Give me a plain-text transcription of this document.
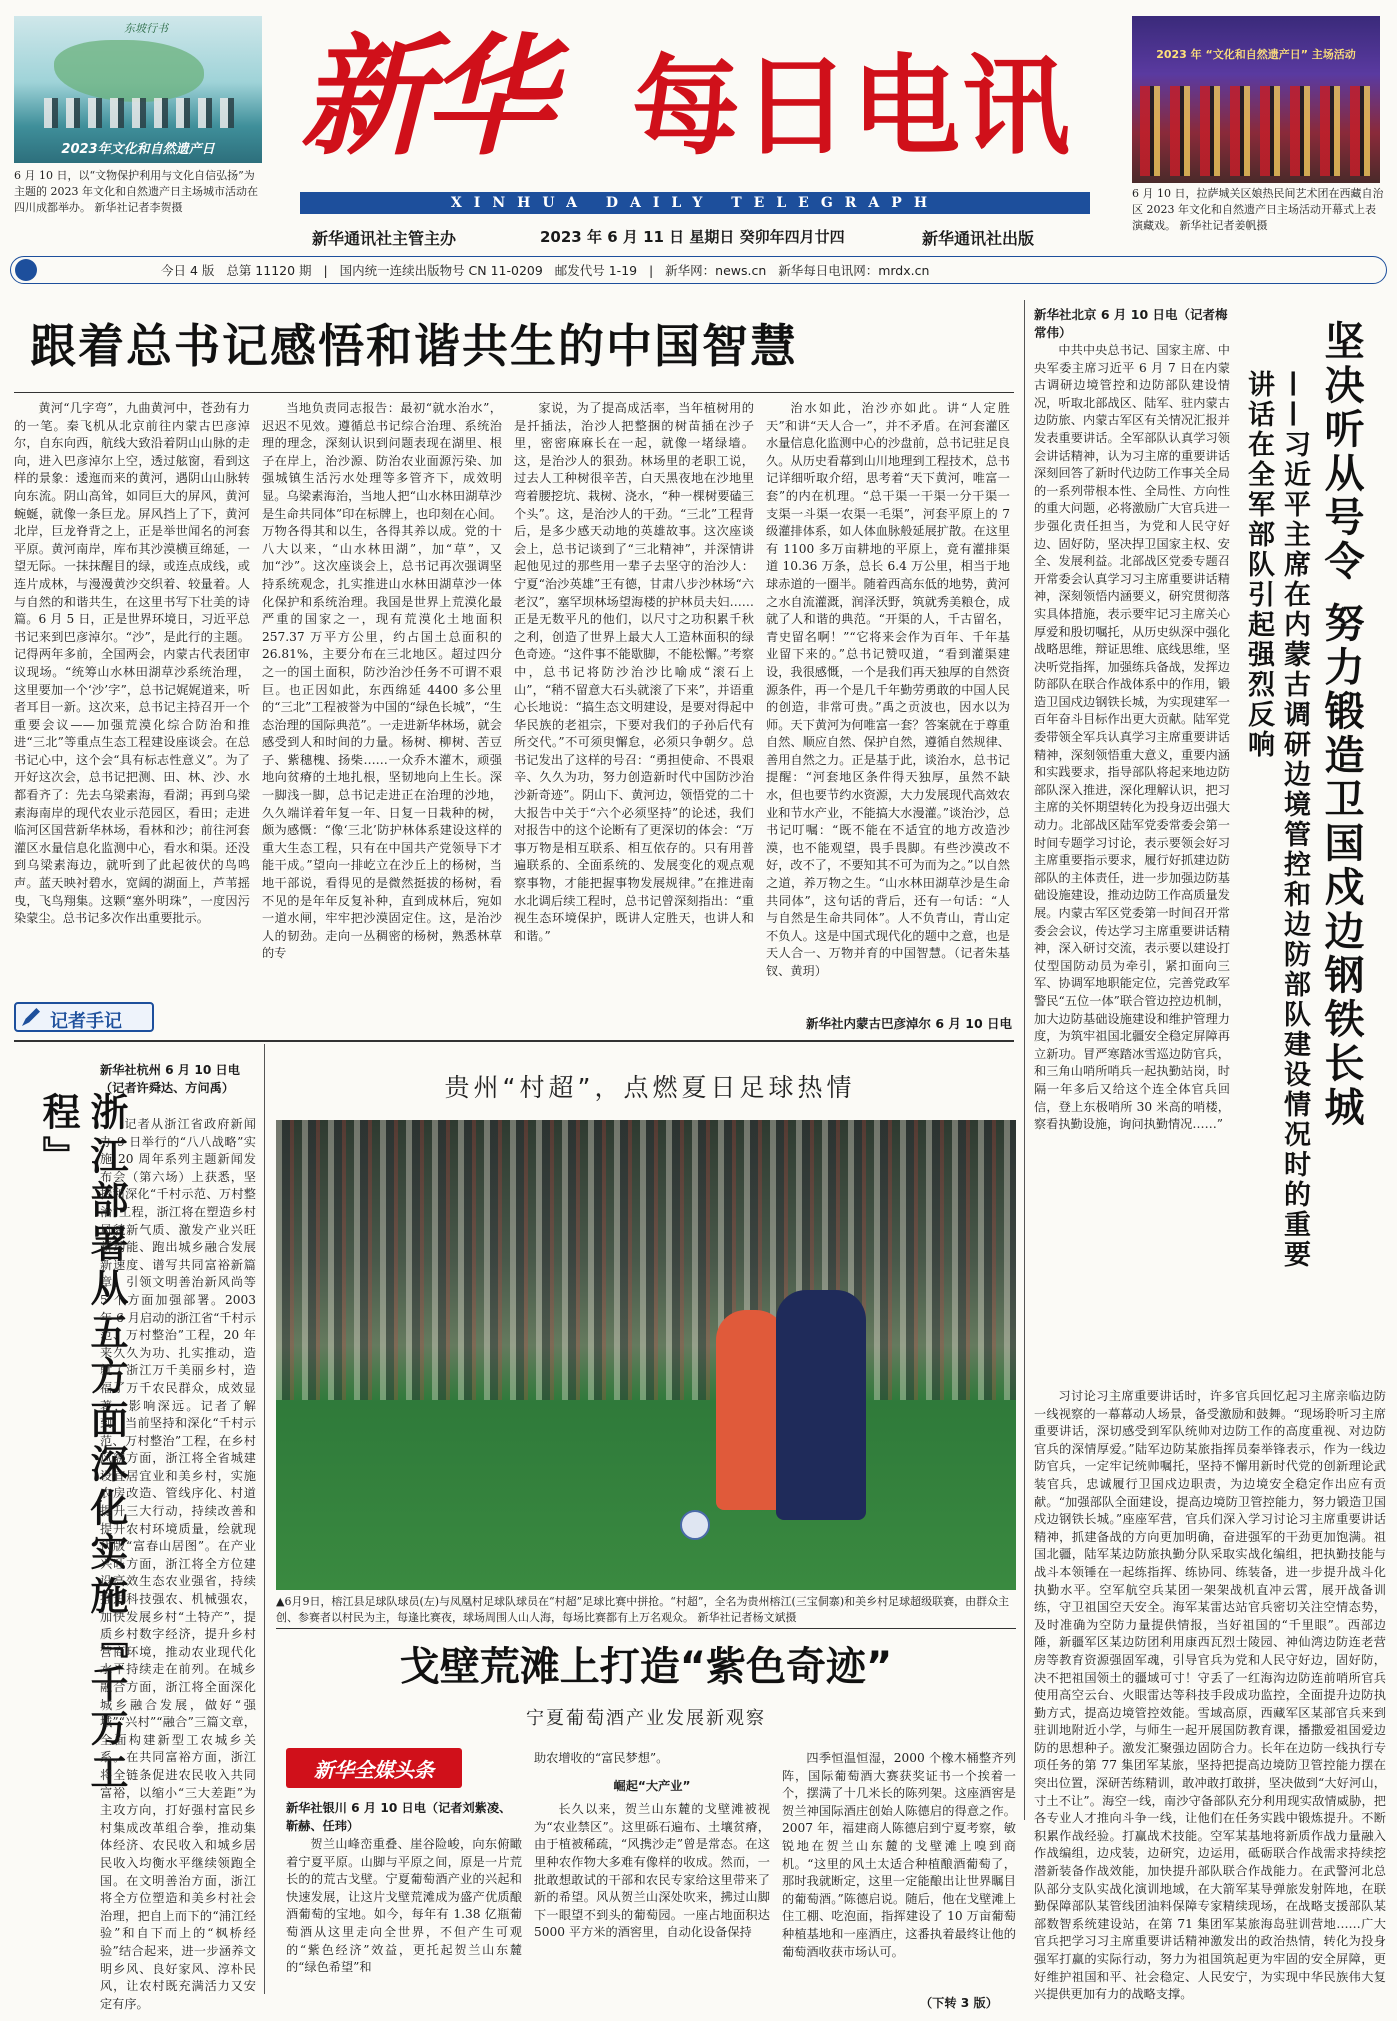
东坡行书
2023年文化和自然遗产日
6 月 10 日，以“文物保护利用与文化自信弘扬”为主题的 2023 年文化和自然遗产日主场城市活动在四川成都举办。 新华社记者李贺摄
新华 每日电讯
XINHUA DAILY TELEGRAPH
新华通讯社主管主办	2023 年 6 月 11 日 星期日 癸卯年四月廿四	新华通讯社出版
2023 年 “文化和自然遗产日” 主场活动
6 月 10 日，拉萨城关区娘热民间艺术团在西藏自治区 2023 年文化和自然遗产日主场活动开幕式上表演藏戏。 新华社记者姜帆摄
今日 4 版   总第 11120 期   |   国内统一连续出版物号 CN 11-0209   邮发代号 1-19   |   新华网：news.cn   新华每日电讯网：mrdx.cn
跟着总书记感悟和谐共生的中国智慧

黄河“几字弯”，九曲黄河中，苍劲有力的一笔。秦飞机从北京前往内蒙古巴彦淖尔，自东向西，航线大致沿着阴山山脉的走向，进入巴彦淖尔上空，透过舷窗，看到这样的景象：逶迤而来的黄河，遇阴山山脉转向东流。阴山高耸，如同巨大的屏风，黄河蜿蜒，就像一条巨龙。屏风挡上了下，黄河北岸，巨龙脊背之上，正是举世闻名的河套平原。黄河南岸，库布其沙漠横亘绵延，一望无际。一抹抹醒目的绿，或连点成线，或连片成林，与漫漫黄沙交织着、较量着。人与自然的和谐共生，在这里书写下壮美的诗篇。6 月 5 日，正是世界环境日，习近平总书记来到巴彦淖尔。“沙”，是此行的主题。记得两年多前，全国两会，内蒙古代表团审议现场。“统筹山水林田湖草沙系统治理，这里要加一个‘沙’字”，总书记娓娓道来，听者耳目一新。这次来，总书记主持召开一个重要会议——加强荒漠化综合防治和推进“三北”等重点生态工程建设座谈会。在总书记心中，这个会“具有标志性意义”。为了开好这次会，总书记把测、田、林、沙、水都看齐了：先去乌梁素海，看湖；再到乌梁素海南岸的现代农业示范园区，看田；走进临河区国营新华林场，看林和沙；前往河套灌区水量信息化监测中心，看水和渠。还没到乌梁素海边，就听到了此起彼伏的鸟鸣声。蓝天映衬碧水，宽阔的湖面上，芦苇摇曳，飞鸟翔集。这颗“塞外明珠”，一度因污染蒙尘。总书记多次作出重要批示。

当地负责同志报告：最初“就水治水”，迟迟不见效。遵循总书记综合治理、系统治理的理念，深刻认识到问题表现在湖里、根子在岸上，治沙源、防治农业面源污染、加强城镇生活污水处理等多管齐下，成效明显。乌梁素海治，当地人把“山水林田湖草沙是生命共同体”印在标牌上，也印刻在心间。万物各得其和以生，各得其养以成。党的十八大以来，“山水林田湖”，加“草”，又加“沙”。这次座谈会上，总书记再次强调坚持系统观念，扎实推进山水林田湖草沙一体化保护和系统治理。我国是世界上荒漠化最严重的国家之一，现有荒漠化土地面积 257.37 万平方公里，约占国土总面积的 26.81%，主要分布在三北地区。超过四分之一的国土面积，防沙治沙任务不可谓不艰巨。也正因如此，东西绵延 4400 多公里的“三北”工程被誉为中国的“绿色长城”，“生态治理的国际典范”。一走进新华林场，就会感受到人和时间的力量。杨树、柳树、苦豆子、紫穗槐、扬柴……一众乔木灌木，顽强地向贫瘠的土地扎根，坚韧地向上生长。深一脚浅一脚，总书记走进正在治理的沙地，久久端详着年复一年、日复一日栽种的树，颇为感慨：“像‘三北’防护林体系建设这样的重大生态工程，只有在中国共产党领导下才能干成。”望向一排屹立在沙丘上的杨树，当地干部说，看得见的是微然挺拔的杨树，看不见的是年年反复补种，直到成林后，宛如一道水闸，牢牢把沙漠固定住。这，是治沙人的韧劲。走向一丛稠密的杨树，熟悉林草的专

家说，为了提高成活率，当年植树用的是扦插法，治沙人把整捆的树苗插在沙子里，密密麻麻长在一起，就像一堵绿墙。这，是治沙人的狠劲。林场里的老职工说，过去人工种树很辛苦，白天黑夜地在沙地里弯着腰挖坑、栽树、浇水，“种一棵树要磕三个头”。这，是治沙人的干劲。“三北”工程背后，是多少感天动地的英雄故事。这次座谈会上，总书记谈到了“三北精神”，并深情讲起他见过的那些用一辈子去坚守的治沙人：宁夏“治沙英雄”王有德，甘肃八步沙林场“六老汉”，塞罕坝林场望海楼的护林员夫妇……正是无数平凡的他们，以尺寸之功积累千秋之利，创造了世界上最大人工造林面积的绿色奇迹。“这件事不能歇脚，不能松懈。”考察中，总书记将防沙治沙比喻成“滚石上山”，“稍不留意大石头就滚了下来”，并语重心长地说：“搞生态文明建设，是要对得起中华民族的老祖宗，下要对我们的子孙后代有所交代。”不可须臾懈怠，必须只争朝夕。总书记发出了这样的号召：“勇担使命、不畏艰辛、久久为功，努力创造新时代中国防沙治沙新奇迹”。阴山下、黄河边，领悟党的二十大报告中关于“六个必须坚持”的论述，我们对报告中的这个论断有了更深切的体会：“万事万物是相互联系、相互依存的。只有用普遍联系的、全面系统的、发展变化的观点观察事物，才能把握事物发展规律。”在推进南水北调后续工程时，总书记曾深刻指出：“重视生态环境保护，既讲人定胜天，也讲人和和谐。”

治水如此，治沙亦如此。讲“人定胜天”和讲“天人合一”，并不矛盾。在河套灌区水量信息化监测中心的沙盘前，总书记驻足良久。从历史看幕到山川地理到工程技术，总书记详细听取介绍，思考着“天下黄河，唯富一套”的内在机理。“总干渠一干渠一分干渠一支渠一斗渠一农渠一毛渠”，河套平原上的 7 级灌排体系，如人体血脉般延展扩散。在这里有 1100 多万亩耕地的平原上，竟有灌排渠道 10.36 万条，总长 6.4 万公里，相当于地球赤道的一圈半。随着西高东低的地势，黄河之水自流灌溉，润泽沃野，筑就秀美粮仓，成就了人和谐的典范。“开渠的人，千古留名，青史留名啊！”“它将来会作为百年、千年基业留下来的。”总书记赞叹道，“看到灌渠建设，我很感慨，一个是我们再天独厚的自然资源条件，再一个是几千年勤劳勇敢的中国人民的创造，非常可贵。”禹之贡波也，因水以为师。天下黄河为何唯富一套？答案就在于尊重自然、顺应自然、保护自然，遵循自然规律、善用自然之力。正是基于此，谈治水，总书记提醒：“河套地区条件得天独厚，虽然不缺水，但也要节约水资源，大力发展现代高效农业和节水产业，不能搞大水漫灌。”谈治沙，总书记叮嘱：“既不能在不适宜的地方改造沙漠，也不能观望，畏手畏脚。有些沙漠改不好，改不了，不要知其不可为而为之。”以自然之道，养万物之生。“山水林田湖草沙是生命共同体”，这句话的背后，还有一句话：“人与自然是生命共同体”。人不负青山，青山定不负人。这是中国式现代化的题中之意，也是天人合一、万物并育的中国智慧。（记者朱基钗、黄玥）

新华社内蒙古巴彦淖尔 6 月 10 日电
记者手记
新华社北京 6 月 10 日电（记者梅常伟）

中共中央总书记、国家主席、中央军委主席习近平 6 月 7 日在内蒙古调研边境管控和边防部队建设情况，听取北部战区、陆军、驻内蒙古边防旅、内蒙古军区有关情况汇报并发表重要讲话。全军部队认真学习领会讲话精神，认为习主席的重要讲话深刻回答了新时代边防工作事关全局的一系列带根本性、全局性、方向性的重大问题，必将激励广大官兵进一步强化责任担当，为党和人民守好边、固好防，坚决捍卫国家主权、安全、发展利益。北部战区党委专题召开常委会认真学习习主席重要讲话精神，深刻领悟内涵要义，研究贯彻落实具体措施，表示要牢记习主席关心厚爱和殷切嘱托，从历史纵深中强化战略思维，辩证思维、底线思维，坚决听党指挥，加强练兵备战，发挥边防部队在联合作战体系中的作用，锻造卫国戍边钢铁长城，为实现建军一百年奋斗目标作出更大贡献。陆军党委带领全军兵认真学习主席重要讲话精神，深刻领悟重大意义，重要内涵和实践要求，指导部队将起来地边防部队深入推进，深化理解认识，把习主席的关怀期望转化为投身迈出强大动力。北部战区陆军党委常委会第一时间专题学习讨论，表示要领会好习主席重要指示要求，履行好抓建边防部队的主体责任，进一步加强边防基础设施建设，推动边防工作高质量发展。内蒙古军区党委第一时间召开常委会会议，传达学习主席重要讲话精神，深入研讨交流，表示要以建设打仗型国防动员为牵引，紧扣面向三军、协调军地职能定位，完善党政军警民“五位一体”联合管边控边机制，加大边防基础设施建设和维护管理力度，为筑牢祖国北疆安全稳定屏障再立新功。冒严寒踏冰雪巡边防官兵，和三角山哨所哨兵一起执勤站岗，时隔一年多后又给这个连全体官兵回信，登上东极哨所 30 米高的哨楼，察看执勤设施，询问执勤情况……” 坚决听从号令 努力锻造卫国戍边钢铁长城
——习近平主席在内蒙古调研边境管控和边防部队建设情况时的重要讲话在全军部队引起强烈反响

习讨论习主席重要讲话时，许多官兵回忆起习主席亲临边防一线视察的一幕幕动人场景，备受激励和鼓舞。“现场聆听习主席重要讲话，深切感受到军队统帅对边防工作的高度重视、对边防官兵的深情厚爱。”陆军边防某旅指挥员秦举锋表示，作为一线边防官兵，一定牢记统帅嘱托，坚持不懈用新时代党的创新理论武装官兵，忠诚履行卫国戍边职责，为边境安全稳定作出应有贡献。“加强部队全面建设，提高边境防卫管控能力，努力锻造卫国戍边钢铁长城。”座座军营，官兵们深入学习讨论习主席重要讲话精神，抓建备战的方向更加明确，奋进强军的干劲更加饱满。祖国北疆，陆军某边防旅执勤分队采取实战化编组，把执勤技能与战斗本领锤在一起练指挥、练协同、练装备，进一步提升战斗化执勤水平。空军航空兵某团一架架战机直冲云霄，展开战备训练，守卫祖国空天安全。海军某雷达站官兵密切关注空情态势，及时准确为空防力量提供情报，当好祖国的“千里眼”。西部边陲，新疆军区某边防团利用康西瓦烈士陵园、神仙湾边防连老营房等教育资源强固军魂，引导官兵为党和人民守好边，固好防，决不把祖国领土的疆域可寸！守丢了一红海沟边防连前哨所官兵使用高空云台、火眼雷达等科技手段成功监控，全面提升边防执勤方式，提高边境管控效能。雪域高原，西藏军区某部官兵来到驻训地附近小学，与师生一起开展国防教育课，播撒爱祖国爱边防的思想种子。激发汇聚强边固防合力。长年在边防一线执行专项任务的第 77 集团军某旅，坚持把提高边境防卫管控能力摆在突出位置，深研苦练精训，敢冲敢打敢拼，坚决做到“大好河山，寸土不让”。海空一线，南沙守备部队充分利用现实敌情威胁，把各专业人才推向斗争一线，让他们在任务实践中锻炼提升。不断积累作战经验。打赢战术技能。空军某基地将新质作战力量融入作战编组，边戍装，边研究，边运用，砥砺联合作战需求持续挖潜新装备作战效能，加快提升部队联合作战能力。在武警河北总队部分支队实战化演训地域，在大箭军某导弹旅发射阵地，在联勤保障部队某管线团油料保障专家精续现场，在战略支援部队某部数智系统建设站，在第 71 集团军某旅海岛驻训营地……广大官兵把学习习主席重要讲话精神激发出的政治热情，转化为投身强军打赢的实际行动，努力为祖国筑起更为牢固的安全屏障，更好维护祖国和平、社会稳定、人民安宁，为实现中华民族伟大复兴提供更加有力的战略支撑。

浙江部署从五方面深化实施『千万工程』
新华社杭州 6 月 10 日电（记者许舜达、方问禹）

记者从浙江省政府新闻办 9 日举行的“八八战略”实施 20 周年系列主题新闻发布会（第六场）上获悉，坚持和深化“千村示范、万村整治”工程，浙江将在塑造乡村风貌新气质、激发产业兴旺新动能、跑出城乡融合发展新速度、谱写共同富裕新篇章、引领文明善治新风尚等 5 个方面加强部署。2003 年 6 月启动的浙江省“千村示范、万村整治”工程，20 年来久久为功、扎实推动，造就了浙江万千美丽乡村，造福了万千农民群众，成效显著，影响深远。记者了解到，当前坚持和深化“千村示范、万村整治”工程，在乡村风貌方面，浙江将全省城建设宜居宜业和美乡村，实施农房改造、管线序化、村道提升三大行动，持续改善和提升农村环境质量，绘就现代版“富春山居图”。在产业兴旺方面，浙江将全方位建设高效生态农业强省，持续推进科技强农、机械强农，加快发展乡村“土特产”，提质乡村数字经济，提升乡村营商环境，推动农业现代化水平持续走在前列。在城乡融合方面，浙江将全面深化城乡融合发展，做好“强城”“兴村”“融合”三篇文章，全面构建新型工农城乡关系。在共同富裕方面，浙江将全链条促进农民收入共同富裕，以缩小“三大差距”为主攻方向，打好强村富民乡村集成改革组合拳，推动集体经济、农民收入和城乡居民收入均衡水平继续领跑全国。在文明善治方面，浙江将全方位塑造和美乡村社会治理，把自上而下的“浦江经验”和自下而上的“枫桥经验”结合起来，进一步涵养文明乡风、良好家风、淳朴民风，让农村既充满活力又安定有序。

贵州“村超”，点燃夏日足球热情
▲6月9日，榕江县足球队球员(左)与凤凰村足球队球员在“村超”足球比赛中拼抢。“村超”，全名为贵州榕江(三宝侗寨)和美乡村足球超级联赛，由群众主创、参赛者以村民为主，每逢比赛夜，球场周围人山人海，每场比赛都有上万名观众。 新华社记者杨文斌摄
戈壁荒滩上打造“紫色奇迹”
宁夏葡萄酒产业发展新观察
新华全媒头条
新华社银川 6 月 10 日电（记者刘紫凌、靳赫、任玮）

贺兰山峰峦重叠、崖谷险峻，向东俯瞰着宁夏平原。山脚与平原之间，原是一片荒长的的荒古戈壁。宁夏葡萄酒产业的兴起和快速发展，让这片戈壁荒滩成为盛产优质酿酒葡萄的宝地。如今，每年有 1.38 亿瓶葡萄酒从这里走向全世界，不但产生可观的“紫色经济”效益，更托起贺兰山东麓的“绿色希望”和

助农增收的“富民梦想”。
崛起“大产业”

长久以来，贺兰山东麓的戈壁滩被视为“农业禁区”。这里砾石遍布、土壤贫瘠，由于植被稀疏，“风携沙走”曾是常态。在这里种农作物大多难有像样的收成。然而，一批敢想敢试的干部和农民专家给这里带来了新的希望。风从贺兰山深处吹来，拂过山脚下一眼望不到头的葡萄园。一座占地面积达 5000 平方米的酒窖里，自动化设备保持

四季恒温恒湿，2000 个橡木桶整齐列阵，国际葡萄酒大赛获奖证书一个挨着一个，摆满了十几米长的陈列架。这座酒窖是贺兰神国际酒庄创始人陈德启的得意之作。2007 年，福建商人陈德启到宁夏考察，敏锐地在贺兰山东麓的戈壁滩上嗅到商机。“这里的风土太适合种植酿酒葡萄了，那时我就断定，这里一定能酿出让世界瞩目的葡萄酒。”陈德启说。随后，他在戈壁滩上住工棚、吃泡面，指挥建设了 10 万亩葡萄种植基地和一座酒庄，这番执着最终让他的葡萄酒收获市场认可。

（下转 3 版）
